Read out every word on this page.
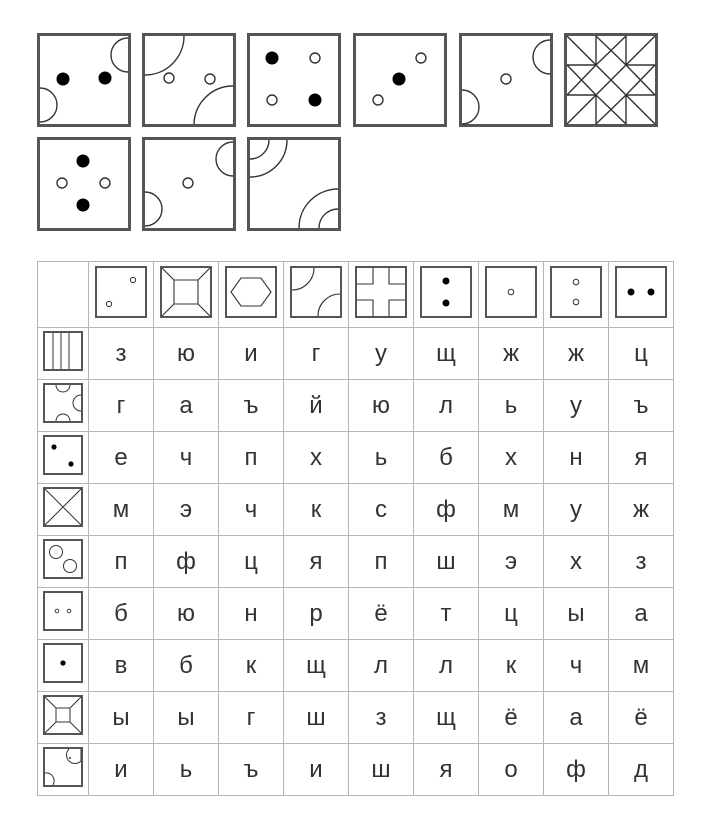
	з	ю	и	г	у	щ	ж	ж	ц

	г	а	ъ	й	ю	л	ь	у	ъ

	е	ч	п	х	ь	б	х	н	я

	м	э	ч	к	с	ф	м	у	ж

	п	ф	ц	я	п	ш	э	х	з

	б	ю	н	р	ё	т	ц	ы	а

	в	б	к	щ	л	л	к	ч	м

	ы	ы	г	ш	з	щ	ё	а	ё

	и	ь	ъ	и	ш	я	о	ф	д
